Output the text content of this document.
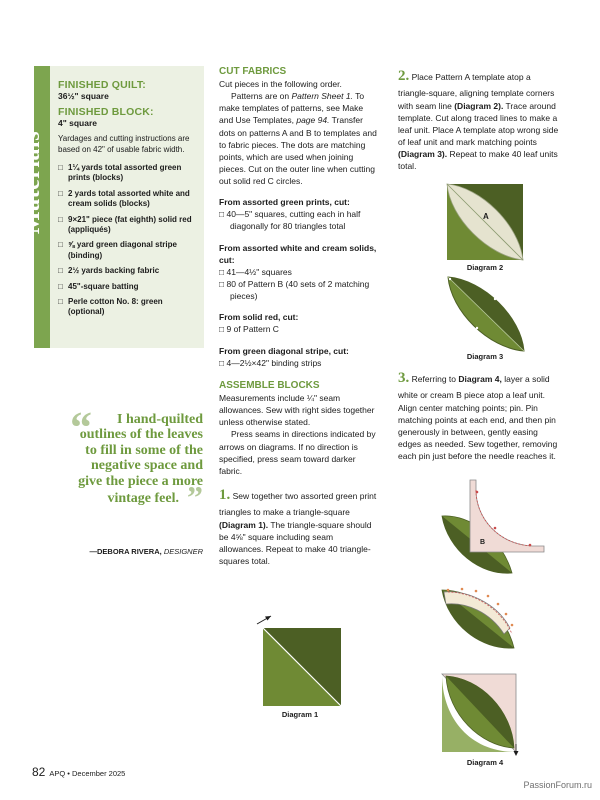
Materials
FINISHED QUILT:
36½" square
FINISHED BLOCK:
4" square
Yardages and cutting instructions are based on 42" of usable fabric width.
□ 1¼ yards total assorted green prints (blocks)
□ 2 yards total assorted white and cream solids (blocks)
□ 9×21" piece (fat eighth) solid red (appliqués)
□ ⅝ yard green diagonal stripe (binding)
□ 2½ yards backing fabric
□ 45"-square batting
□ Perle cotton No. 8: green (optional)
“	I hand-quilted outlines of the leaves to fill in some of the negative space and give the piece a more vintage feel. ”
—DEBORA RIVERA, DESIGNER
CUT FABRICS
Cut pieces in the following order.
Patterns are on Pattern Sheet 1. To make templates of patterns, see Make and Use Templates, page 94. Transfer dots on patterns A and B to templates and to fabric pieces. The dots are matching points, which are used when joining pieces. Cut on the outer line when cutting out solid red C circles.
From assorted green prints, cut:
□ 40—5" squares, cutting each in half diagonally for 80 triangles total
From assorted white and cream solids, cut:
□ 41—4½" squares
□ 80 of Pattern B (40 sets of 2 matching pieces)
From solid red, cut:
□ 9 of Pattern C
From green diagonal stripe, cut:
□ 4—2½×42" binding strips
ASSEMBLE BLOCKS
Measurements include ¼" seam allowances. Sew with right sides together unless otherwise stated.
Press seams in directions indicated by arrows on diagrams. If no direction is specified, press seam toward darker fabric.
1. Sew together two assorted green print triangles to make a triangle-square (Diagram 1). The triangle-square should be 4⅝" square including seam allowances. Repeat to make 40 triangle-squares total.
Diagram 1
2. Place Pattern A template atop a triangle-square, aligning template corners with seam line (Diagram 2). Trace around template. Cut along traced lines to make a leaf unit. Place A template atop wrong side of leaf unit and mark matching points (Diagram 3). Repeat to make 40 leaf units total.
A
Diagram 2
Diagram 3
3. Referring to Diagram 4, layer a solid white or cream B piece atop a leaf unit. Align center matching points; pin. Pin matching points at each end, and then pin generously in between, gently easing edges as needed. Sew together, removing each pin just before the needle reaches it.
B
Diagram 4
82 APQ • December 2025
PassionForum.ru
